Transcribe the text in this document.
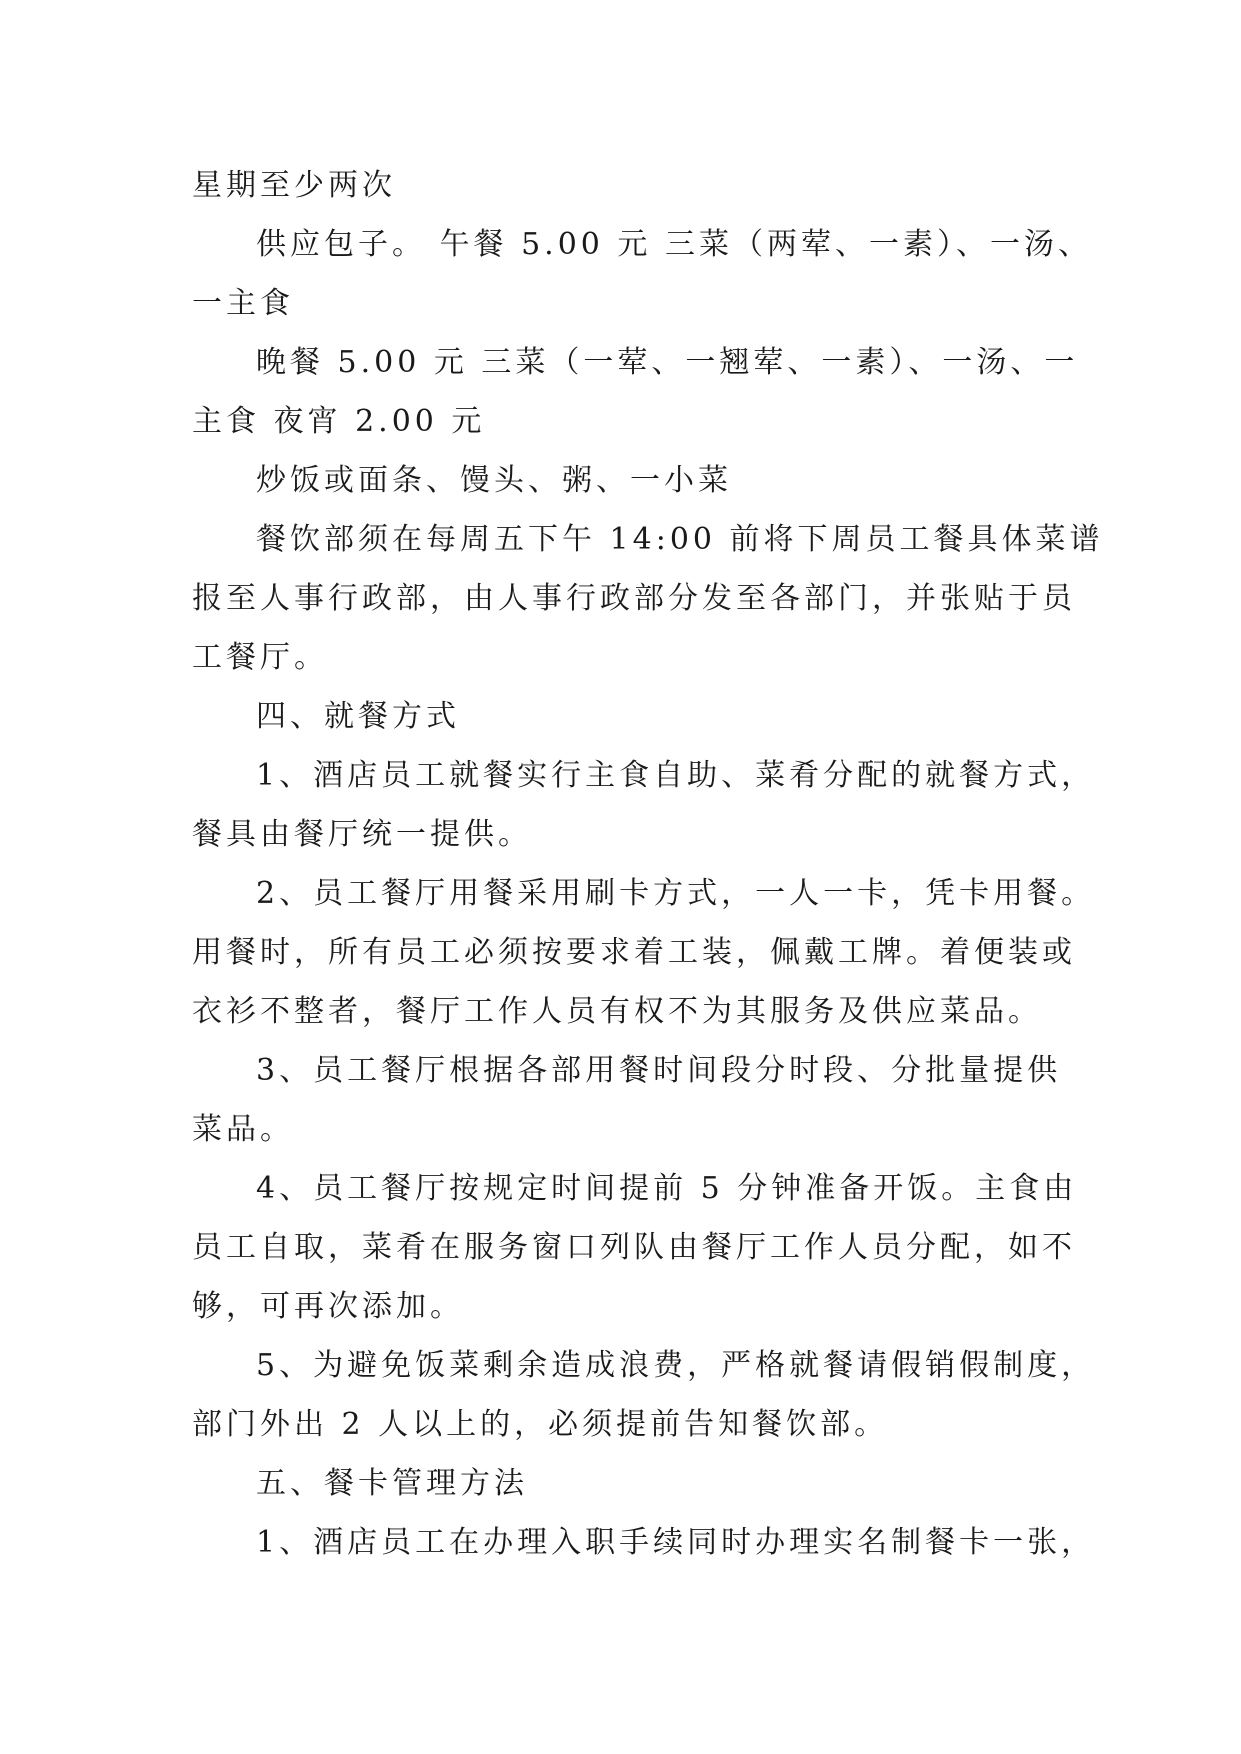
星期至少两次
供应包子。 午餐 5.00 元 三菜（两荤、一素）、一汤、
一主食
晚餐 5.00 元 三菜（一荤、一翘荤、一素）、一汤、一
主食 夜宵 2.00 元
炒饭或面条、馒头、粥、一小菜
餐饮部须在每周五下午 14:00 前将下周员工餐具体菜谱
报至人事行政部，由人事行政部分发至各部门，并张贴于员
工餐厅。
四、就餐方式
1、酒店员工就餐实行主食自助、菜肴分配的就餐方式，
餐具由餐厅统一提供。
2、员工餐厅用餐采用刷卡方式，一人一卡，凭卡用餐。
用餐时，所有员工必须按要求着工装，佩戴工牌。着便装或
衣衫不整者，餐厅工作人员有权不为其服务及供应菜品。
3、员工餐厅根据各部用餐时间段分时段、分批量提供
菜品。
4、员工餐厅按规定时间提前 5 分钟准备开饭。主食由
员工自取，菜肴在服务窗口列队由餐厅工作人员分配，如不
够，可再次添加。
5、为避免饭菜剩余造成浪费，严格就餐请假销假制度，
部门外出 2 人以上的，必须提前告知餐饮部。
五、餐卡管理方法
1、酒店员工在办理入职手续同时办理实名制餐卡一张，
